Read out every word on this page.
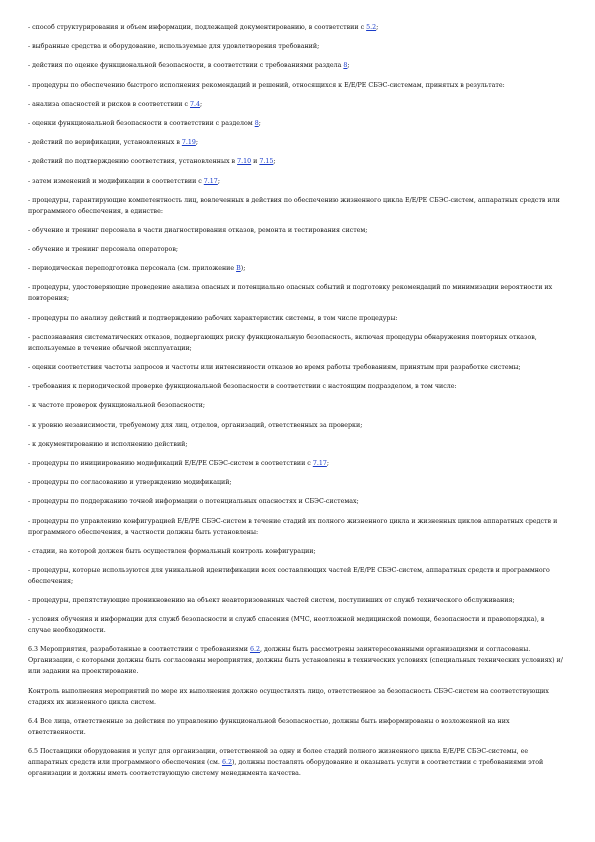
- способ структурирования и объем информации, подлежащей документированию, в соответствии с 5.2;

- выбранные средства и оборудование, используемые для удовлетворения требований;

- действия по оценке функциональной безопасности, в соответствии с требованиями раздела 8;

- процедуры по обеспечению быстрого исполнения рекомендаций и решений, относящихся к E/E/PE СБЭС-системам, принятых в результате:

- анализа опасностей и рисков в соответствии с 7.4;

- оценки функциональной безопасности в соответствии с разделом 8;

- действий по верификации, установленных в 7.19;

- действий по подтверждению соответствия, установленных в 7.10 и 7.15;

- затем изменений и модификации в соответствии с 7.17;

- процедуры, гарантирующие компетентность лиц, вовлеченных в действия по обеспечению жизненного цикла E/E/PE СБЭС-систем, аппаратных средств или программного обеспечения, в единстве:

- обучение и тренинг персонала в части диагностирования отказов, ремонта и тестирования систем;

- обучение и тренинг персонала операторов;

- периодическая переподготовка персонала (см. приложение В);

- процедуры, удостоверяющие проведение анализа опасных и потенциально опасных событий и подготовку рекомендаций по минимизации вероятности их повторения;

- процедуры по анализу действий и подтверждению рабочих характеристик системы, в том числе процедуры:

- распознавания систематических отказов, подвергающих риску функциональную безопасность, включая процедуры обнаружения повторных отказов, используемые в течение обычной эксплуатации;

- оценки соответствия частоты запросов и частоты или интенсивности отказов во время работы требованиям, принятым при разработке системы;

- требования к периодической проверке функциональной безопасности в соответствии с настоящим подразделом, в том числе:

- к частоте проверок функциональной безопасности;

- к уровню независимости, требуемому для лиц, отделов, организаций, ответственных за проверки;

- к документированию и исполнению действий;

- процедуры по инициированию модификаций E/E/PE СБЭС-систем в соответствии с 7.17;

- процедуры по согласованию и утверждению модификаций;

- процедуры по поддержанию точной информации о потенциальных опасностях и СБЭС-системах;

- процедуры по управлению конфигурацией E/E/PE СБЭС-систем в течение стадий их полного жизненного цикла и жизненных циклов аппаратных средств и программного обеспечения, в частности должны быть установлены:

- стадии, на которой должен быть осуществлен формальный контроль конфигурации;

- процедуры, которые используются для уникальной идентификации всех составляющих частей E/E/PE СБЭС-систем, аппаратных средств и программного обеспечения;

- процедуры, препятствующие проникновению на объект неавторизованных частей систем, поступивших от служб технического обслуживания;

- условия обучения и информации для служб безопасности и служб спасения (МЧС, неотложной медицинской помощи, безопасности и правопорядка), в случае необходимости.

6.3 Мероприятия, разработанные в соответствии с требованиями 6.2, должны быть рассмотрены заинтересованными организациями и согласованы. Организации, с которыми должны быть согласованы мероприятия, должны быть установлены в технических условиях (специальных технических условиях) и/или задании на проектирование.

Контроль выполнения мероприятий по мере их выполнения должно осуществлять лицо, ответственное за безопасность СБЭС-систем на соответствующих стадиях их жизненного цикла систем.

6.4 Все лица, ответственные за действия по управлению функциональной безопасностью, должны быть информированы о возложенной на них ответственности.

6.5 Поставщики оборудования и услуг для организации, ответственной за одну и более стадий полного жизненного цикла E/E/PE СБЭС-системы, ее аппаратных средств или программного обеспечения (см. 6.2), должны поставлять оборудование и оказывать услуги в соответствии с требованиями этой организации и должны иметь соответствующую систему менеджмента качества.
